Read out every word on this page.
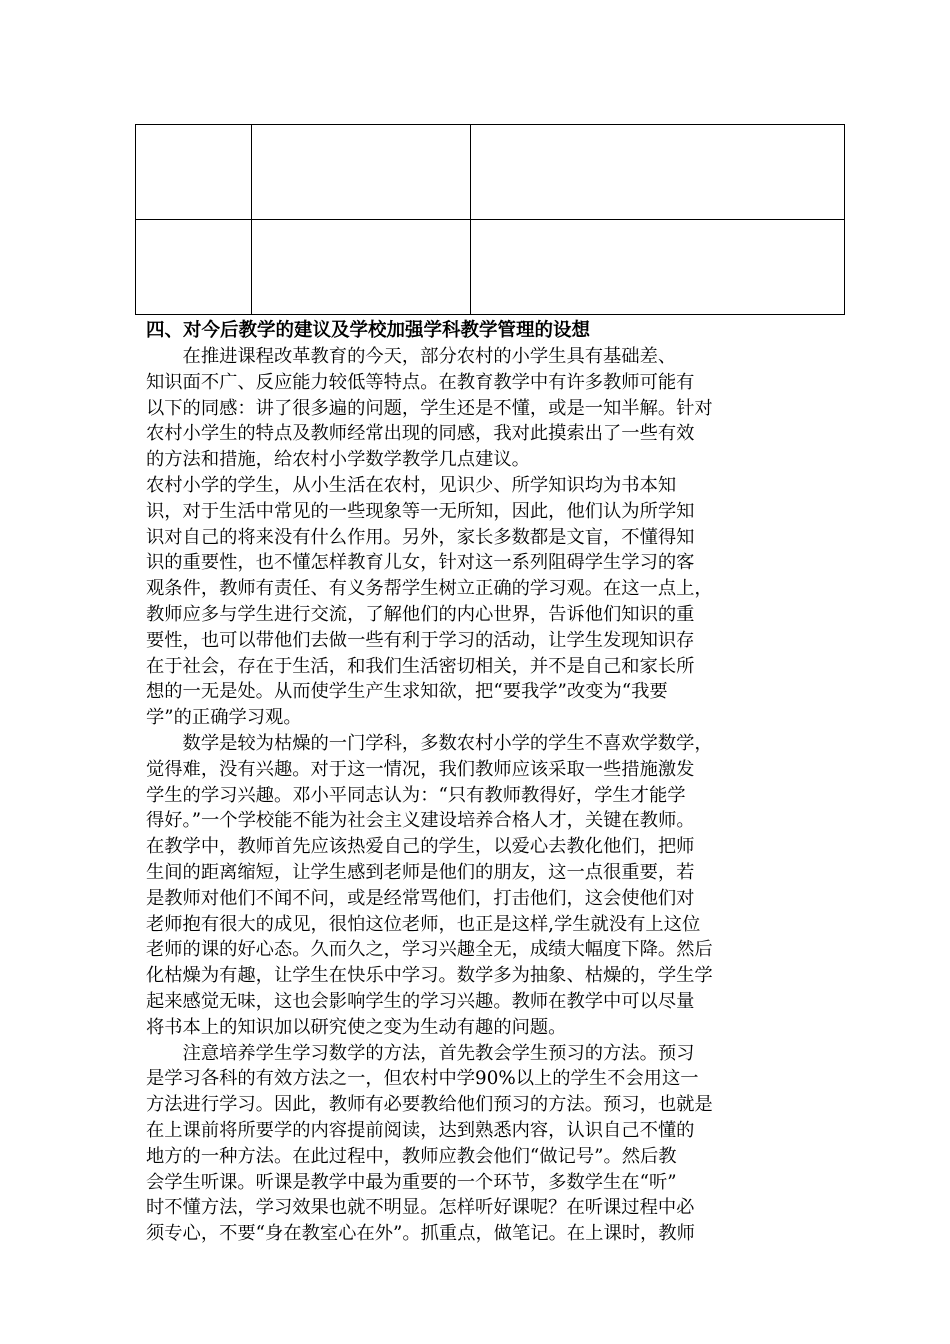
四、对今后教学的建议及学校加强学科教学管理的设想
　　在推进课程改革教育的今天，部分农村的小学生具有基础差、
知识面不广、反应能力较低等特点。在教育教学中有许多教师可能有
以下的同感：讲了很多遍的问题，学生还是不懂，或是一知半解。针对
农村小学生的特点及教师经常出现的同感，我对此摸索出了一些有效
的方法和措施，给农村小学数学教学几点建议。
农村小学的学生，从小生活在农村，见识少、所学知识均为书本知
识，对于生活中常见的一些现象等一无所知，因此，他们认为所学知
识对自己的将来没有什么作用。另外，家长多数都是文盲，不懂得知
识的重要性，也不懂怎样教育儿女，针对这一系列阻碍学生学习的客
观条件，教师有责任、有义务帮学生树立正确的学习观。在这一点上，
教师应多与学生进行交流，了解他们的内心世界，告诉他们知识的重
要性，也可以带他们去做一些有利于学习的活动，让学生发现知识存
在于社会，存在于生活，和我们生活密切相关，并不是自己和家长所
想的一无是处。从而使学生产生求知欲，把“要我学”改变为“我要
学”的正确学习观。
　　数学是较为枯燥的一门学科，多数农村小学的学生不喜欢学数学，
觉得难，没有兴趣。对于这一情况，我们教师应该采取一些措施激发
学生的学习兴趣。邓小平同志认为：“只有教师教得好，学生才能学
得好。”一个学校能不能为社会主义建设培养合格人才，关键在教师。
在教学中，教师首先应该热爱自己的学生，以爱心去教化他们，把师
生间的距离缩短，让学生感到老师是他们的朋友，这一点很重要，若
是教师对他们不闻不问，或是经常骂他们，打击他们，这会使他们对
老师抱有很大的成见，很怕这位老师，也正是这样,学生就没有上这位
老师的课的好心态。久而久之，学习兴趣全无，成绩大幅度下降。然后
化枯燥为有趣，让学生在快乐中学习。数学多为抽象、枯燥的，学生学
起来感觉无味，这也会影响学生的学习兴趣。教师在教学中可以尽量
将书本上的知识加以研究使之变为生动有趣的问题。
　　注意培养学生学习数学的方法，首先教会学生预习的方法。预习
是学习各科的有效方法之一，但农村中学90%以上的学生不会用这一
方法进行学习。因此，教师有必要教给他们预习的方法。预习，也就是
在上课前将所要学的内容提前阅读，达到熟悉内容，认识自己不懂的
地方的一种方法。在此过程中，教师应教会他们“做记号”。然后教
会学生听课。听课是教学中最为重要的一个环节，多数学生在“听”
时不懂方法，学习效果也就不明显。怎样听好课呢？在听课过程中必
须专心，不要“身在教室心在外”。抓重点，做笔记。在上课时，教师
